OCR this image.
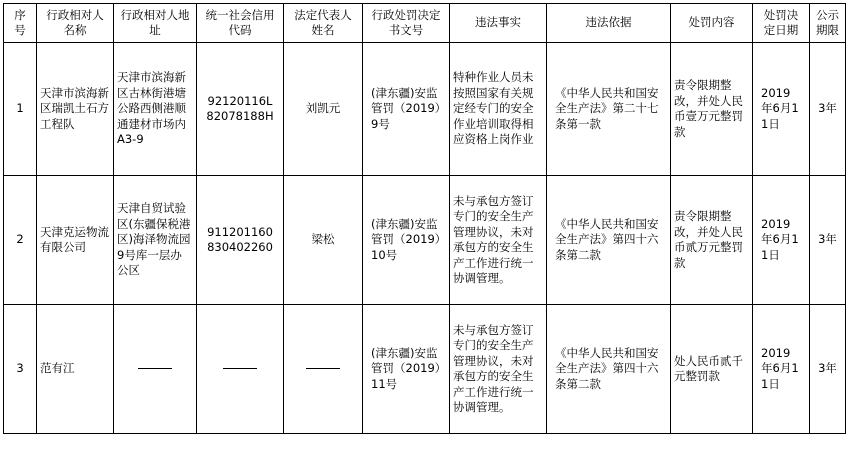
序号	行政相对人名称	行政相对人地址	统一社会信用代码	法定代表人姓名	行政处罚决定书文号	违法事实	违法依据	处罚内容	处罚决定日期	公示期限
1	天津市滨海新区瑞凯土石方工程队	天津市滨海新区古林街港塘公路西侧港顺通建材市场内A3-9	92120116L82078188H	刘凯元	(津东疆)安监管罚（2019）9号	特种作业人员未按照国家有关规定经专门的安全作业培训取得相应资格上岗作业	《中华人民共和国安全生产法》第二十七条第一款	责令限期整改，并处人民币壹万元整罚款	2019年6月11日	3年
2	天津克运物流有限公司	天津自贸试验区(东疆保税港区)海泽物流园9号库一层办公区	911201160830402260	梁松	(津东疆)安监管罚（2019）10号	未与承包方签订专门的安全生产管理协议，未对承包方的安全生产工作进行统一协调管理。	《中华人民共和国安全生产法》第四十六条第二款	责令限期整改，并处人民币贰万元整罚款	2019年6月11日	3年
3	范有江				(津东疆)安监管罚（2019）11号	未与承包方签订专门的安全生产管理协议，未对承包方的安全生产工作进行统一协调管理。	《中华人民共和国安全生产法》第四十六条第二款	处人民币贰千元整罚款	2019年6月11日	3年
